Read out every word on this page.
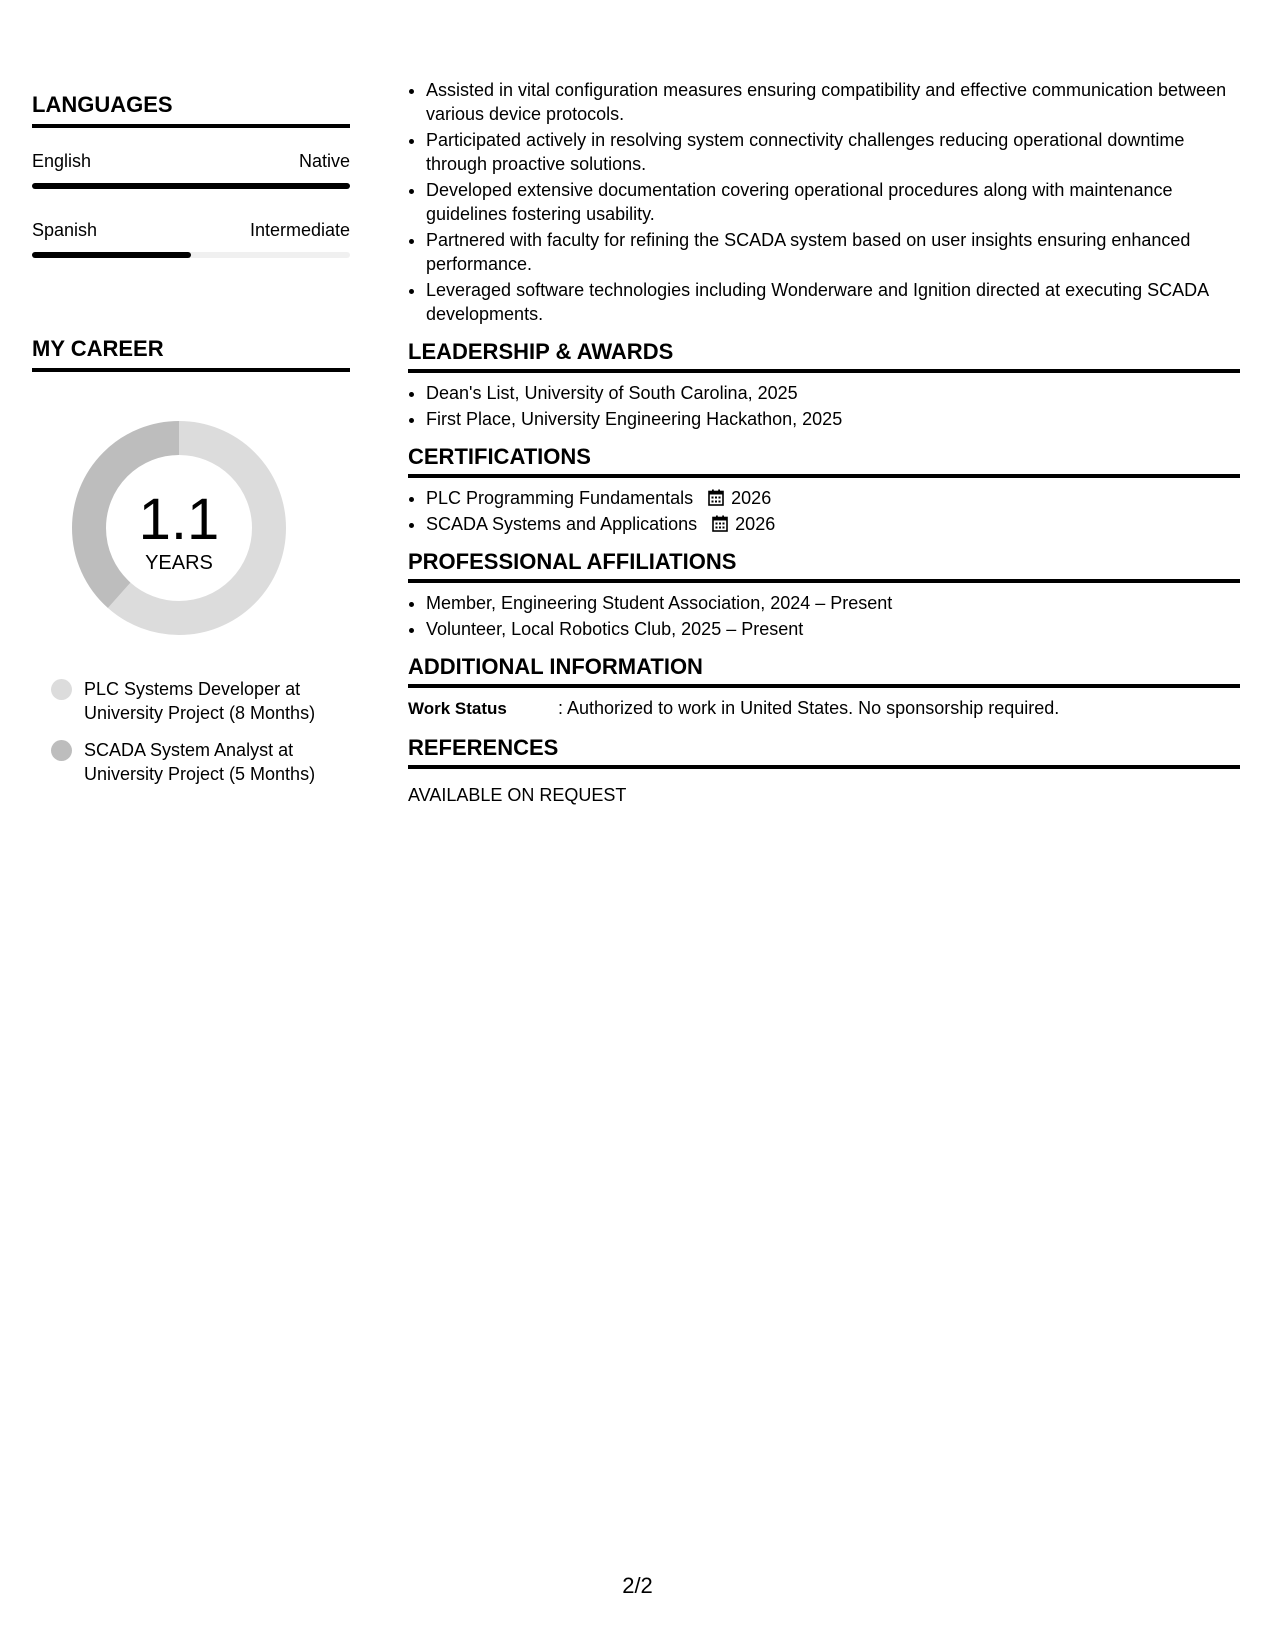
LANGUAGES
English	Native
Spanish	Intermediate
MY CAREER
1.1
YEARS
PLC Systems Developer at University Project (8 Months)
SCADA System Analyst at University Project (5 Months)
• Assisted in vital configuration measures ensuring compatibility and effective communication between various device protocols.
• Participated actively in resolving system connectivity challenges reducing operational downtime through proactive solutions.
• Developed extensive documentation covering operational procedures along with maintenance guidelines fostering usability.
• Partnered with faculty for refining the SCADA system based on user insights ensuring enhanced performance.
• Leveraged software technologies including Wonderware and Ignition directed at executing SCADA developments.
LEADERSHIP & AWARDS
• Dean's List, University of South Carolina, 2025
• First Place, University Engineering Hackathon, 2025
CERTIFICATIONS
• PLC Programming Fundamentals 2026
• SCADA Systems and Applications 2026
PROFESSIONAL AFFILIATIONS
• Member, Engineering Student Association, 2024 – Present
• Volunteer, Local Robotics Club, 2025 – Present
ADDITIONAL INFORMATION
Work Status	: Authorized to work in United States. No sponsorship required.
REFERENCES
AVAILABLE ON REQUEST
2/2
